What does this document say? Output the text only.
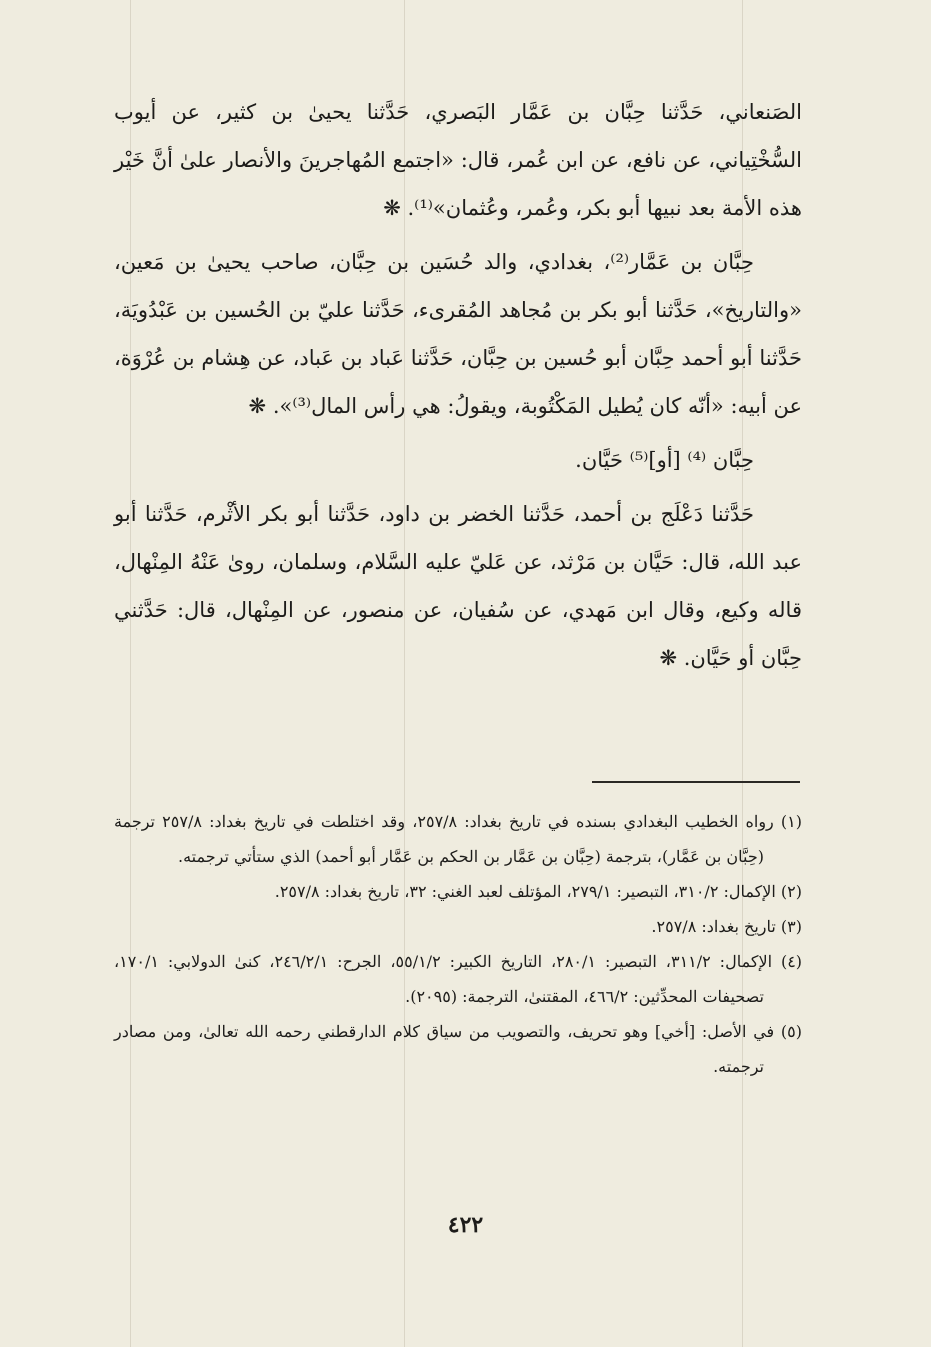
الصَنعاني، حَدَّثنا حِبَّان بن عَمَّار البَصري، حَدَّثنا يحيىٰ بن كثير، عن أيوب السُّخْتِياني، عن نافع، عن ابن عُمر، قال: «اجتمع المُهاجرينَ والأنصار علىٰ أنَّ خَيْر هذه الأمة بعد نبيها أبو بكر، وعُمر، وعُثمان»⁽¹⁾. ❋

حِبَّان بن عَمَّار⁽²⁾، بغدادي، والد حُسَين بن حِبَّان، صاحب يحيىٰ بن مَعين، «والتاريخ»، حَدَّثنا أبو بكر بن مُجاهد المُقرىء، حَدَّثنا عليّ بن الحُسين بن عَبْدُويَة، حَدَّثنا أبو أحمد حِبَّان أبو حُسين بن حِبَّان، حَدَّثنا عَباد بن عَباد، عن هِشام بن عُرْوَة، عن أبيه: «أنّه كان يُطيل المَكْتُوبة، ويقولُ: هي رأس المال⁽³⁾». ❋

حِبَّان ⁽⁴⁾ [أو]⁽⁵⁾ حَيَّان.

حَدَّثنا دَعْلَج بن أحمد، حَدَّثنا الخضر بن داود، حَدَّثنا أبو بكر الأثْرم، حَدَّثنا أبو عبد الله، قال: حَيَّان بن مَرْثد، عن عَليّ عليه السَّلام، وسلمان، روىٰ عَنْهُ المِنْهال، قاله وكيع، وقال ابن مَهدي، عن سُفيان، عن منصور، عن المِنْهال، قال: حَدَّثني حِبَّان أو حَيَّان. ❋

(١) رواه الخطيب البغدادي بسنده في تاريخ بغداد: ٢٥٧/٨، وقد اختلطت في تاريخ بغداد: ٢٥٧/٨ ترجمة (حِبَّان بن عَمَّار)، بترجمة (حِبَّان بن عَمَّار بن الحكم بن عَمَّار أبو أحمد) الذي ستأتي ترجمته.

(٢) الإكمال: ٣١٠/٢، التبصير: ٢٧٩/١، المؤتلف لعبد الغني: ٣٢، تاريخ بغداد: ٢٥٧/٨.

(٣) تاريخ بغداد: ٢٥٧/٨.

(٤) الإكمال: ٣١١/٢، التبصير: ٢٨٠/١، التاريخ الكبير: ٥٥/١/٢، الجرح: ٢٤٦/٢/١، كنىٰ الدولابي: ١٧٠/١، تصحيفات المحدِّثين: ٤٦٦/٢، المقتنىٰ، الترجمة: (٢٠٩٥).

(٥) في الأصل: [أخي] وهو تحريف، والتصويب من سياق كلام الدارقطني رحمه الله تعالىٰ، ومن مصادر ترجمته.

٤٢٢
